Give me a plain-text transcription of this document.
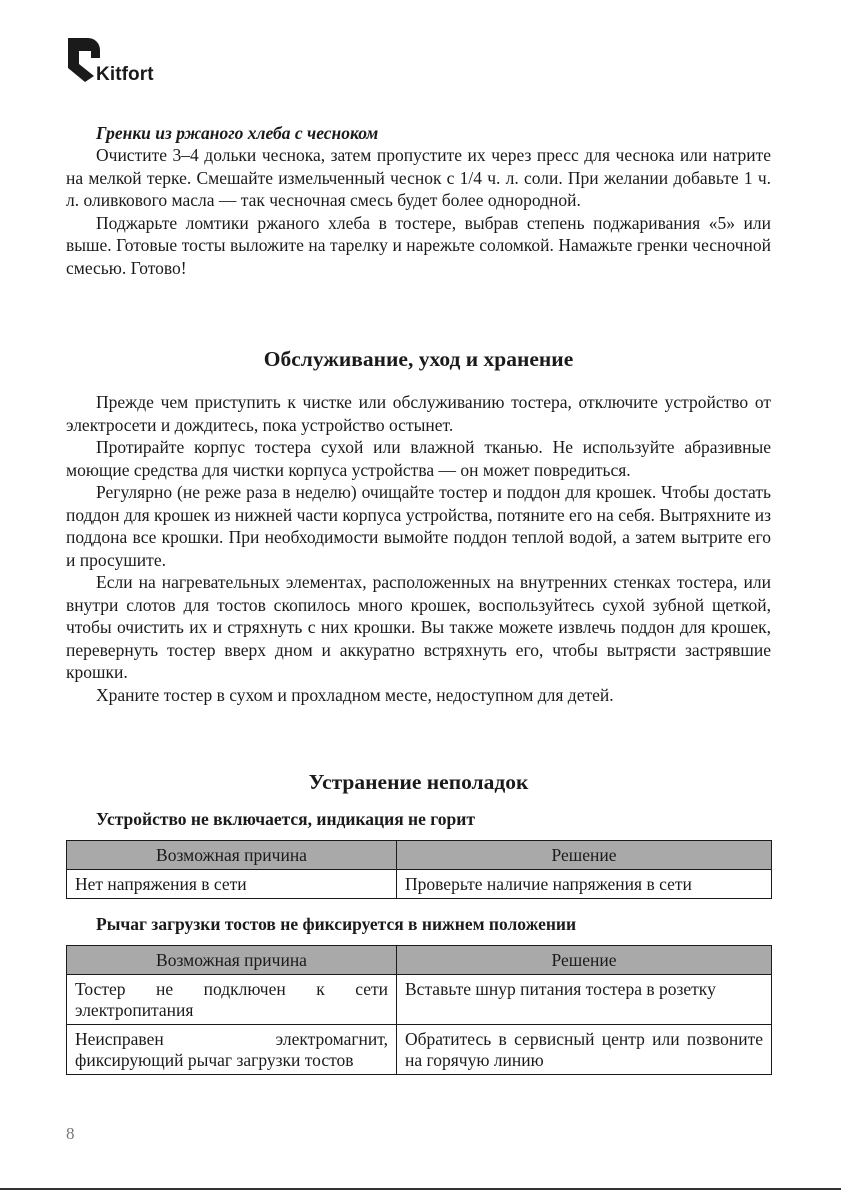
Kitfort
Гренки из ржаного хлеба с чесноком

Очистите 3–4 дольки чеснока, затем пропустите их через пресс для чеснока или натрите на мелкой терке. Смешайте измельченный чеснок с 1/4 ч. л. соли. При желании добавьте 1 ч. л. оливкового масла — так чесночная смесь будет более однородной.

Поджарьте ломтики ржаного хлеба в тостере, выбрав степень поджаривания «5» или выше. Готовые тосты выложите на тарелку и нарежьте соломкой. Намажьте гренки чесночной смесью. Готово!

Обслуживание, уход и хранение

Прежде чем приступить к чистке или обслуживанию тостера, отключите устройство от электросети и дождитесь, пока устройство остынет.

Протирайте корпус тостера сухой или влажной тканью. Не используйте абразивные моющие средства для чистки корпуса устройства — он может повредиться.

Регулярно (не реже раза в неделю) очищайте тостер и поддон для крошек. Чтобы достать поддон для крошек из нижней части корпуса устройства, потяните его на себя. Вытряхните из поддона все крошки. При необходимости вымойте поддон теплой водой, а затем вытрите его и просушите.

Если на нагревательных элементах, расположенных на внутренних стенках тостера, или внутри слотов для тостов скопилось много крошек, воспользуйтесь сухой зубной щеткой, чтобы очистить их и стряхнуть с них крошки. Вы также можете извлечь поддон для крошек, перевернуть тостер вверх дном и аккуратно встряхнуть его, чтобы вытрясти застрявшие крошки.

Храните тостер в сухом и прохладном месте, недоступном для детей.

Устранение неполадок
Устройство не включается, индикация не горит
Возможная причина	Решение
Нет напряжения в сети	Проверьте наличие напряжения в сети
Рычаг загрузки тостов не фиксируется в нижнем положении
Возможная причина	Решение
Тостер не подключен к сети электропитания	Вставьте шнур питания тостера в розетку
Неисправен электромагнит, фиксирующий рычаг загрузки тостов	Обратитесь в сервисный центр или позвоните на горячую линию
8
